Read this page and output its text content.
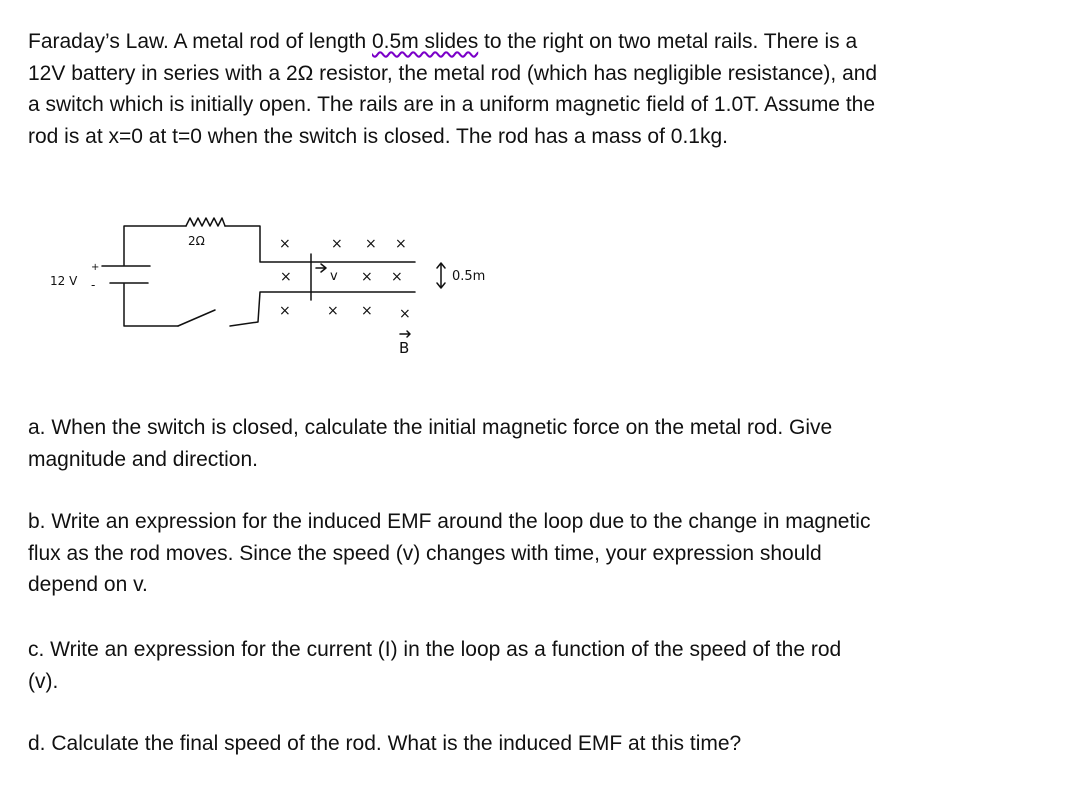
Faraday’s Law. A metal rod of length 0.5m slides to the right on two metal rails. There is a
12V battery in series with a 2Ω resistor, the metal rod (which has negligible resistance), and
a switch which is initially open. The rails are in a uniform magnetic field of 1.0T. Assume the
rod is at x=0 at t=0 when the switch is closed. The rod has a mass of 0.1kg.
12 V
+
-
2Ω
v	0.5m
B
×	× × ×
×	× ×
×	× × ×
a. When the switch is closed, calculate the initial magnetic force on the metal rod. Give
magnitude and direction.
b. Write an expression for the induced EMF around the loop due to the change in magnetic
flux as the rod moves. Since the speed (v) changes with time, your expression should
depend on v.
c. Write an expression for the current (I) in the loop as a function of the speed of the rod
(v).
d. Calculate the final speed of the rod. What is the induced EMF at this time?
